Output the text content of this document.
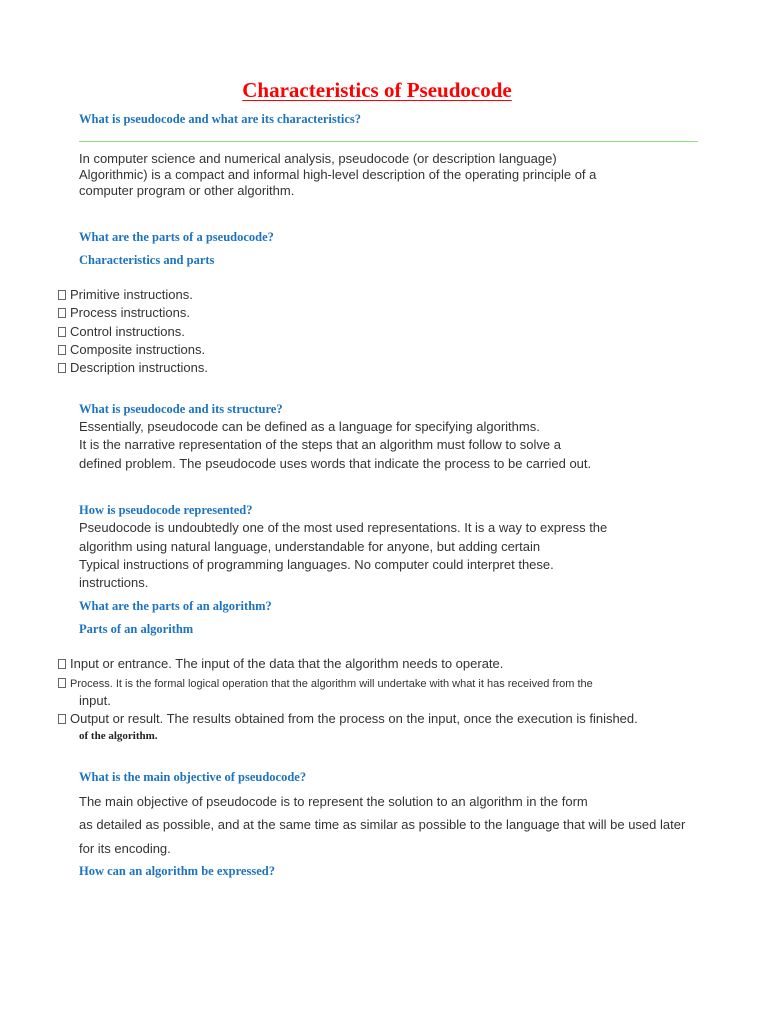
Characteristics of Pseudocode
What is pseudocode and what are its characteristics?
In computer science and numerical analysis, pseudocode (or description language)
Algorithmic) is a compact and informal high-level description of the operating principle of a
computer program or other algorithm.
What are the parts of a pseudocode?
Characteristics and parts
Primitive instructions.
Process instructions.
Control instructions.
Composite instructions.
Description instructions.
What is pseudocode and its structure?
Essentially, pseudocode can be defined as a language for specifying algorithms.
It is the narrative representation of the steps that an algorithm must follow to solve a
defined problem. The pseudocode uses words that indicate the process to be carried out.
How is pseudocode represented?
Pseudocode is undoubtedly one of the most used representations. It is a way to express the
algorithm using natural language, understandable for anyone, but adding certain
Typical instructions of programming languages. No computer could interpret these.
instructions.
What are the parts of an algorithm?
Parts of an algorithm
Input or entrance. The input of the data that the algorithm needs to operate.
Process. It is the formal logical operation that the algorithm will undertake with what it has received from the
input.
Output or result. The results obtained from the process on the input, once the execution is finished.
of the algorithm.
What is the main objective of pseudocode?
The main objective of pseudocode is to represent the solution to an algorithm in the form
as detailed as possible, and at the same time as similar as possible to the language that will be used later
for its encoding.
How can an algorithm be expressed?
